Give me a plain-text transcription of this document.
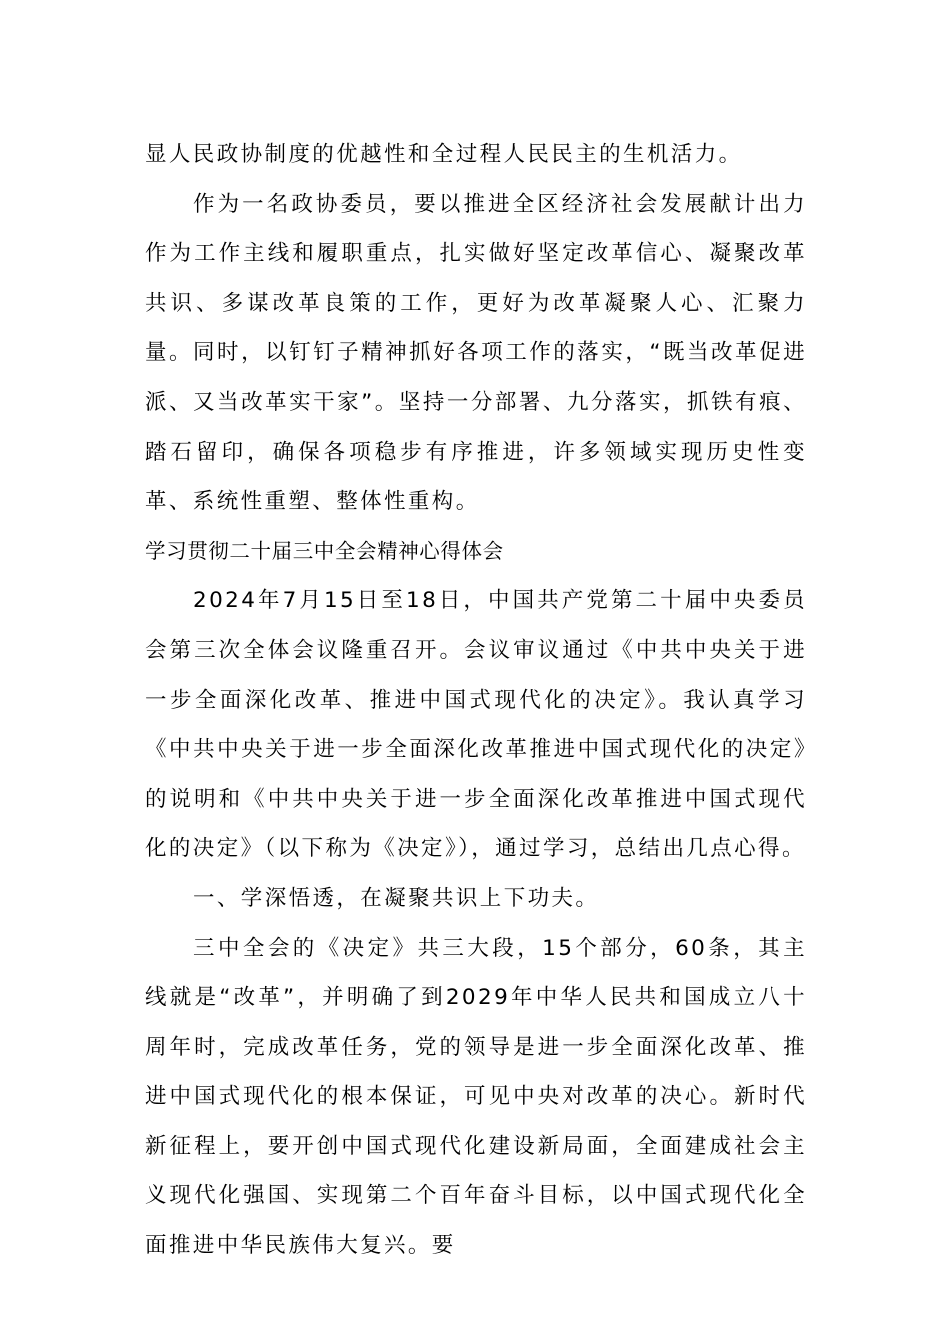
显人民政协制度的优越性和全过程人民民主的生机活力。

作为一名政协委员，要以推进全区经济社会发展献计出力作为工作主线和履职重点，扎实做好坚定改革信心、凝聚改革共识、多谋改革良策的工作，更好为改革凝聚人心、汇聚力量。同时，以钉钉子精神抓好各项工作的落实，“既当改革促进派、又当改革实干家”。坚持一分部署、九分落实，抓铁有痕、踏石留印，确保各项稳步有序推进，许多领域实现历史性变革、系统性重塑、整体性重构。

学习贯彻二十届三中全会精神心得体会

2024年7月15日至18日，中国共产党第二十届中央委员会第三次全体会议隆重召开。会议审议通过《中共中央关于进一步全面深化改革、推进中国式现代化的决定》。我认真学习《中共中央关于进一步全面深化改革推进中国式现代化的决定》的说明和《中共中央关于进一步全面深化改革推进中国式现代化的决定》（以下称为《决定》），通过学习，总结出几点心得。

一、学深悟透，在凝聚共识上下功夫。

三中全会的《决定》共三大段，15个部分，60条，其主线就是“改革”，并明确了到2029年中华人民共和国成立八十周年时，完成改革任务，党的领导是进一步全面深化改革、推进中国式现代化的根本保证，可见中央对改革的决心。新时代新征程上，要开创中国式现代化建设新局面，全面建成社会主义现代化强国、实现第二个百年奋斗目标，以中国式现代化全面推进中华民族伟大复兴。要
